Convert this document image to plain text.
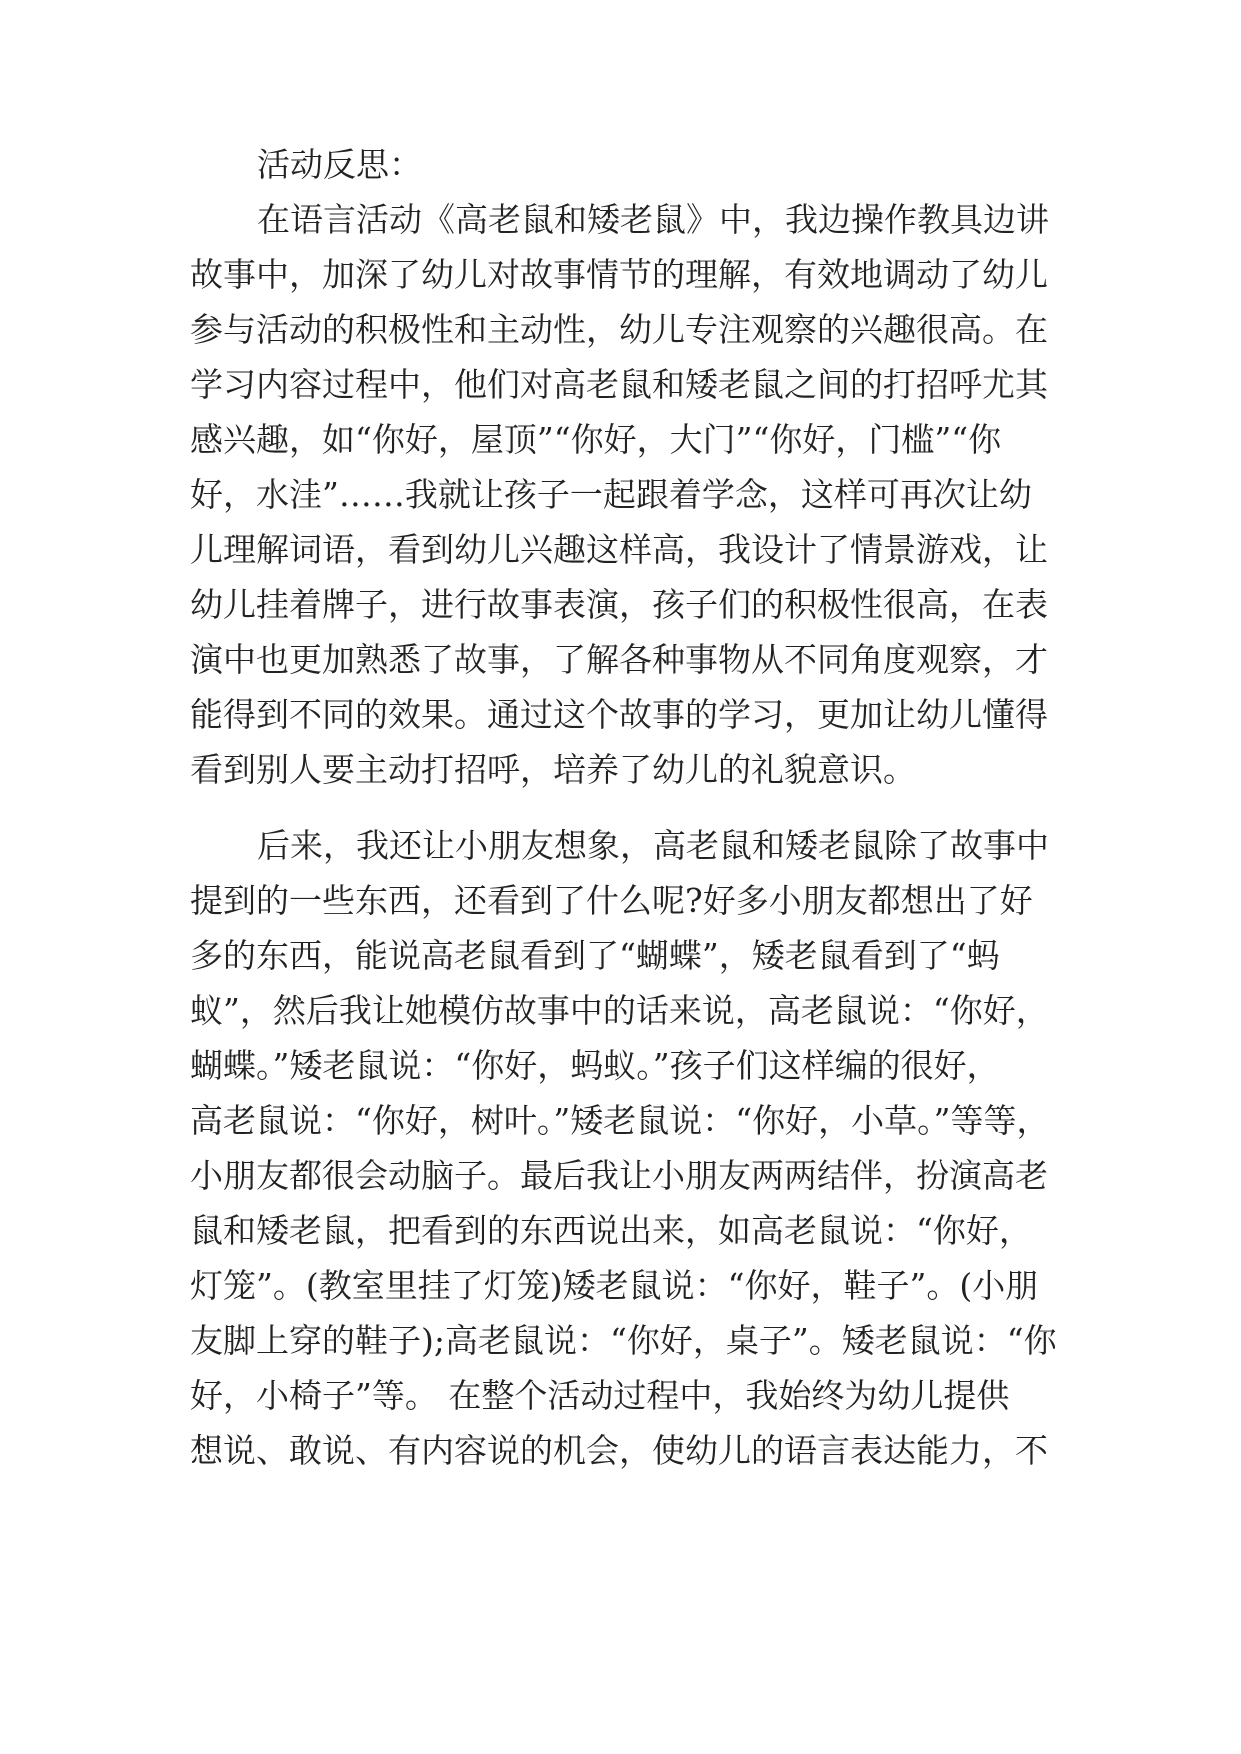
活动反思：
在语言活动《高老鼠和矮老鼠》中，我边操作教具边讲
故事中，加深了幼儿对故事情节的理解，有效地调动了幼儿
参与活动的积极性和主动性，幼儿专注观察的兴趣很高。在
学习内容过程中，他们对高老鼠和矮老鼠之间的打招呼尤其
感兴趣，如“你好，屋顶”“你好，大门”“你好，门槛”“你
好，水洼”……我就让孩子一起跟着学念，这样可再次让幼
儿理解词语，看到幼儿兴趣这样高，我设计了情景游戏，让
幼儿挂着牌子，进行故事表演，孩子们的积极性很高，在表
演中也更加熟悉了故事，了解各种事物从不同角度观察，才
能得到不同的效果。通过这个故事的学习，更加让幼儿懂得
看到别人要主动打招呼，培养了幼儿的礼貌意识。
后来，我还让小朋友想象，高老鼠和矮老鼠除了故事中
提到的一些东西，还看到了什么呢?好多小朋友都想出了好
多的东西，能说高老鼠看到了“蝴蝶”，矮老鼠看到了“蚂
蚁”，然后我让她模仿故事中的话来说，高老鼠说：“你好，
蝴蝶。”矮老鼠说：“你好，蚂蚁。”孩子们这样编的很好，
高老鼠说：“你好，树叶。”矮老鼠说：“你好，小草。”等等，
小朋友都很会动脑子。最后我让小朋友两两结伴，扮演高老
鼠和矮老鼠，把看到的东西说出来，如高老鼠说：“你好，
灯笼”。(教室里挂了灯笼)矮老鼠说：“你好，鞋子”。(小朋
友脚上穿的鞋子);高老鼠说：“你好，桌子”。矮老鼠说：“你
好，小椅子”等。 在整个活动过程中，我始终为幼儿提供
想说、敢说、有内容说的机会，使幼儿的语言表达能力，不
